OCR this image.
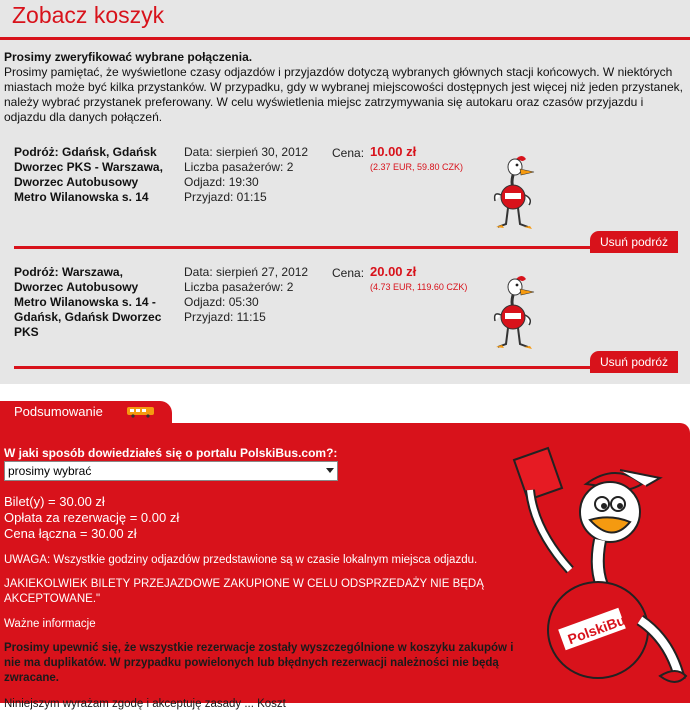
Zobacz koszyk
Prosimy zweryfikować wybrane połączenia.
Prosimy pamiętać, że wyświetlone czasy odjazdów i przyjazdów dotyczą wybranych głównych stacji końcowych. W niektórych miastach może być kilka przystanków. W przypadku, gdy w wybranej miejscowości dostępnych jest więcej niż jeden przystanek, należy wybrać przystanek preferowany. W celu wyświetlenia miejsc zatrzymywania się autokaru oraz czasów przyjazdu i odjazdu dla danych połączeń.
Podróż: Gdańsk, Gdańsk Dworzec PKS - Warszawa, Dworzec Autobusowy Metro Wilanowska s. 14
Data: sierpień 30, 2012
Liczba pasażerów: 2
Odjazd: 19:30
Przyjazd: 01:15
Cena: 10.00 zł
(2.37 EUR, 59.80 CZK)
Usuń podróż
Podróż: Warszawa, Dworzec Autobusowy Metro Wilanowska s. 14 - Gdańsk, Gdańsk Dworzec PKS
Data: sierpień 27, 2012
Liczba pasażerów: 2
Odjazd: 05:30
Przyjazd: 11:15
Cena: 20.00 zł
(4.73 EUR, 119.60 CZK)
Usuń podróż
Podsumowanie
W jaki sposób dowiedziałeś się o portalu PolskiBus.com?:
prosimy wybrać
Bilet(y) = 30.00 zł
Opłata za rezerwację = 0.00 zł
Cena łączna = 30.00 zł
UWAGA: Wszystkie godziny odjazdów przedstawione są w czasie lokalnym miejsca odjazdu.
JAKIEKOLWIEK BILETY PRZEJAZDOWE ZAKUPIONE W CELU ODSPRZEDAŻY NIE BĘDĄ AKCEPTOWANE."
Ważne informacje
Prosimy upewnić się, że wszystkie rezerwacje zostały wyszczególnione w koszyku zakupów i nie ma duplikatów. W przypadku powielonych lub błędnych rezerwacji należności nie będą zwracane.
Niniejszym wyrażam zgodę i akceptuję zasady ... Koszt
PolskiBus
